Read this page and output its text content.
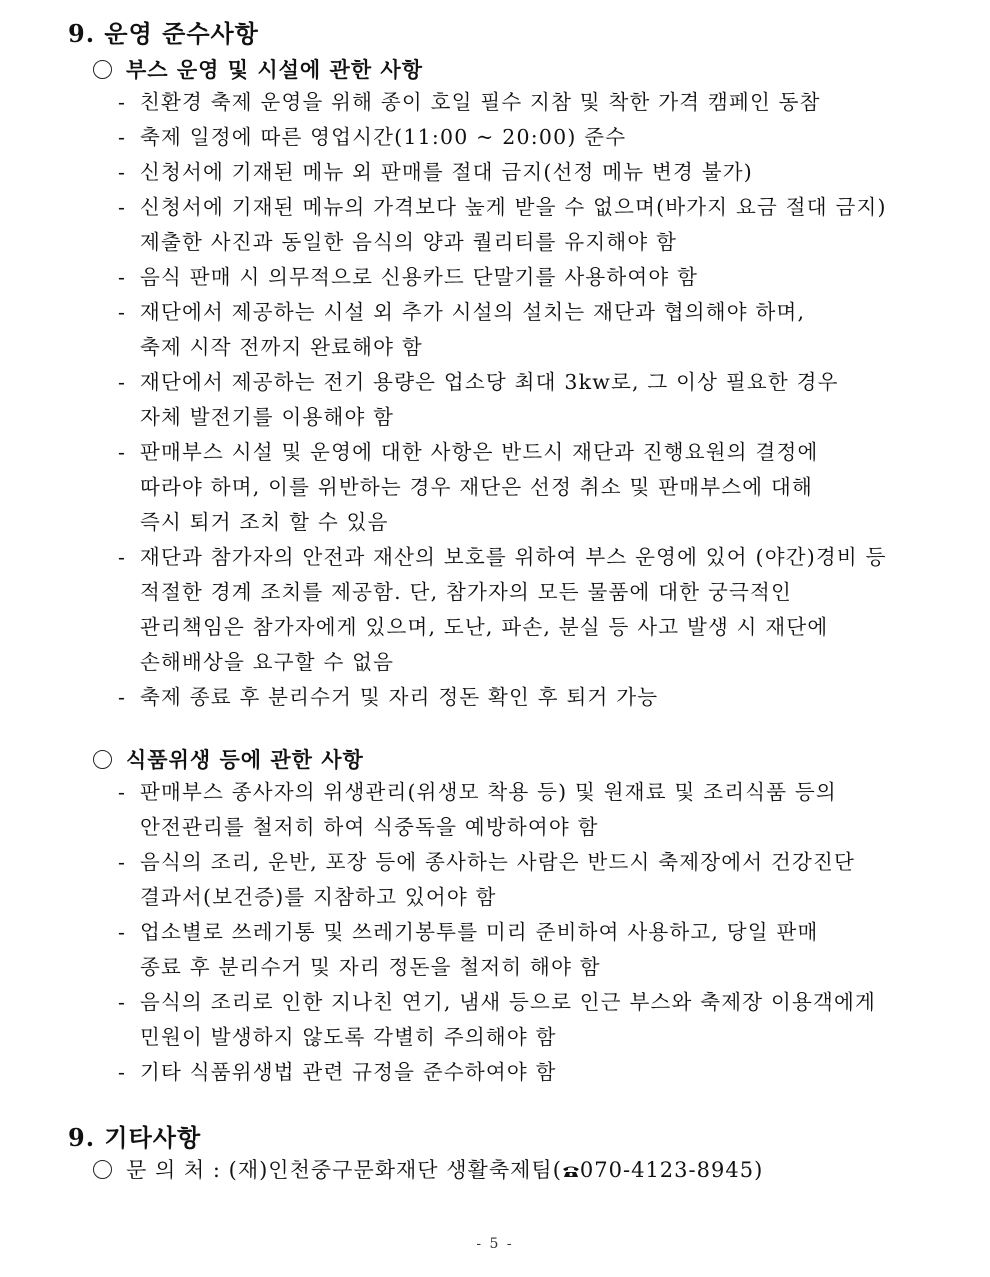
9. 운영 준수사항
부스 운영 및 시설에 관한 사항
- 친환경 축제 운영을 위해 종이 호일 필수 지참 및 착한 가격 캠페인 동참
- 축제 일정에 따른 영업시간(11:00 ~ 20:00) 준수
- 신청서에 기재된 메뉴 외 판매를 절대 금지(선정 메뉴 변경 불가)
- 신청서에 기재된 메뉴의 가격보다 높게 받을 수 없으며(바가지 요금 절대 금지)
제출한 사진과 동일한 음식의 양과 퀄리티를 유지해야 함
- 음식 판매 시 의무적으로 신용카드 단말기를 사용하여야 함
- 재단에서 제공하는 시설 외 추가 시설의 설치는 재단과 협의해야 하며,
축제 시작 전까지 완료해야 함
- 재단에서 제공하는 전기 용량은 업소당 최대 3kw로, 그 이상 필요한 경우
자체 발전기를 이용해야 함
- 판매부스 시설 및 운영에 대한 사항은 반드시 재단과 진행요원의 결정에
따라야 하며, 이를 위반하는 경우 재단은 선정 취소 및 판매부스에 대해
즉시 퇴거 조치 할 수 있음
- 재단과 참가자의 안전과 재산의 보호를 위하여 부스 운영에 있어 (야간)경비 등
적절한 경계 조치를 제공함. 단, 참가자의 모든 물품에 대한 궁극적인
관리책임은 참가자에게 있으며, 도난, 파손, 분실 등 사고 발생 시 재단에
손해배상을 요구할 수 없음
- 축제 종료 후 분리수거 및 자리 정돈 확인 후 퇴거 가능
식품위생 등에 관한 사항
- 판매부스 종사자의 위생관리(위생모 착용 등) 및 원재료 및 조리식품 등의
안전관리를 철저히 하여 식중독을 예방하여야 함
- 음식의 조리, 운반, 포장 등에 종사하는 사람은 반드시 축제장에서 건강진단
결과서(보건증)를 지참하고 있어야 함
- 업소별로 쓰레기통 및 쓰레기봉투를 미리 준비하여 사용하고, 당일 판매
종료 후 분리수거 및 자리 정돈을 철저히 해야 함
- 음식의 조리로 인한 지나친 연기, 냄새 등으로 인근 부스와 축제장 이용객에게
민원이 발생하지 않도록 각별히 주의해야 함
- 기타 식품위생법 관련 규정을 준수하여야 함
9. 기타사항
문 의 처 : (재)인천중구문화재단 생활축제팀( 070-4123-8945)
- 5 -
